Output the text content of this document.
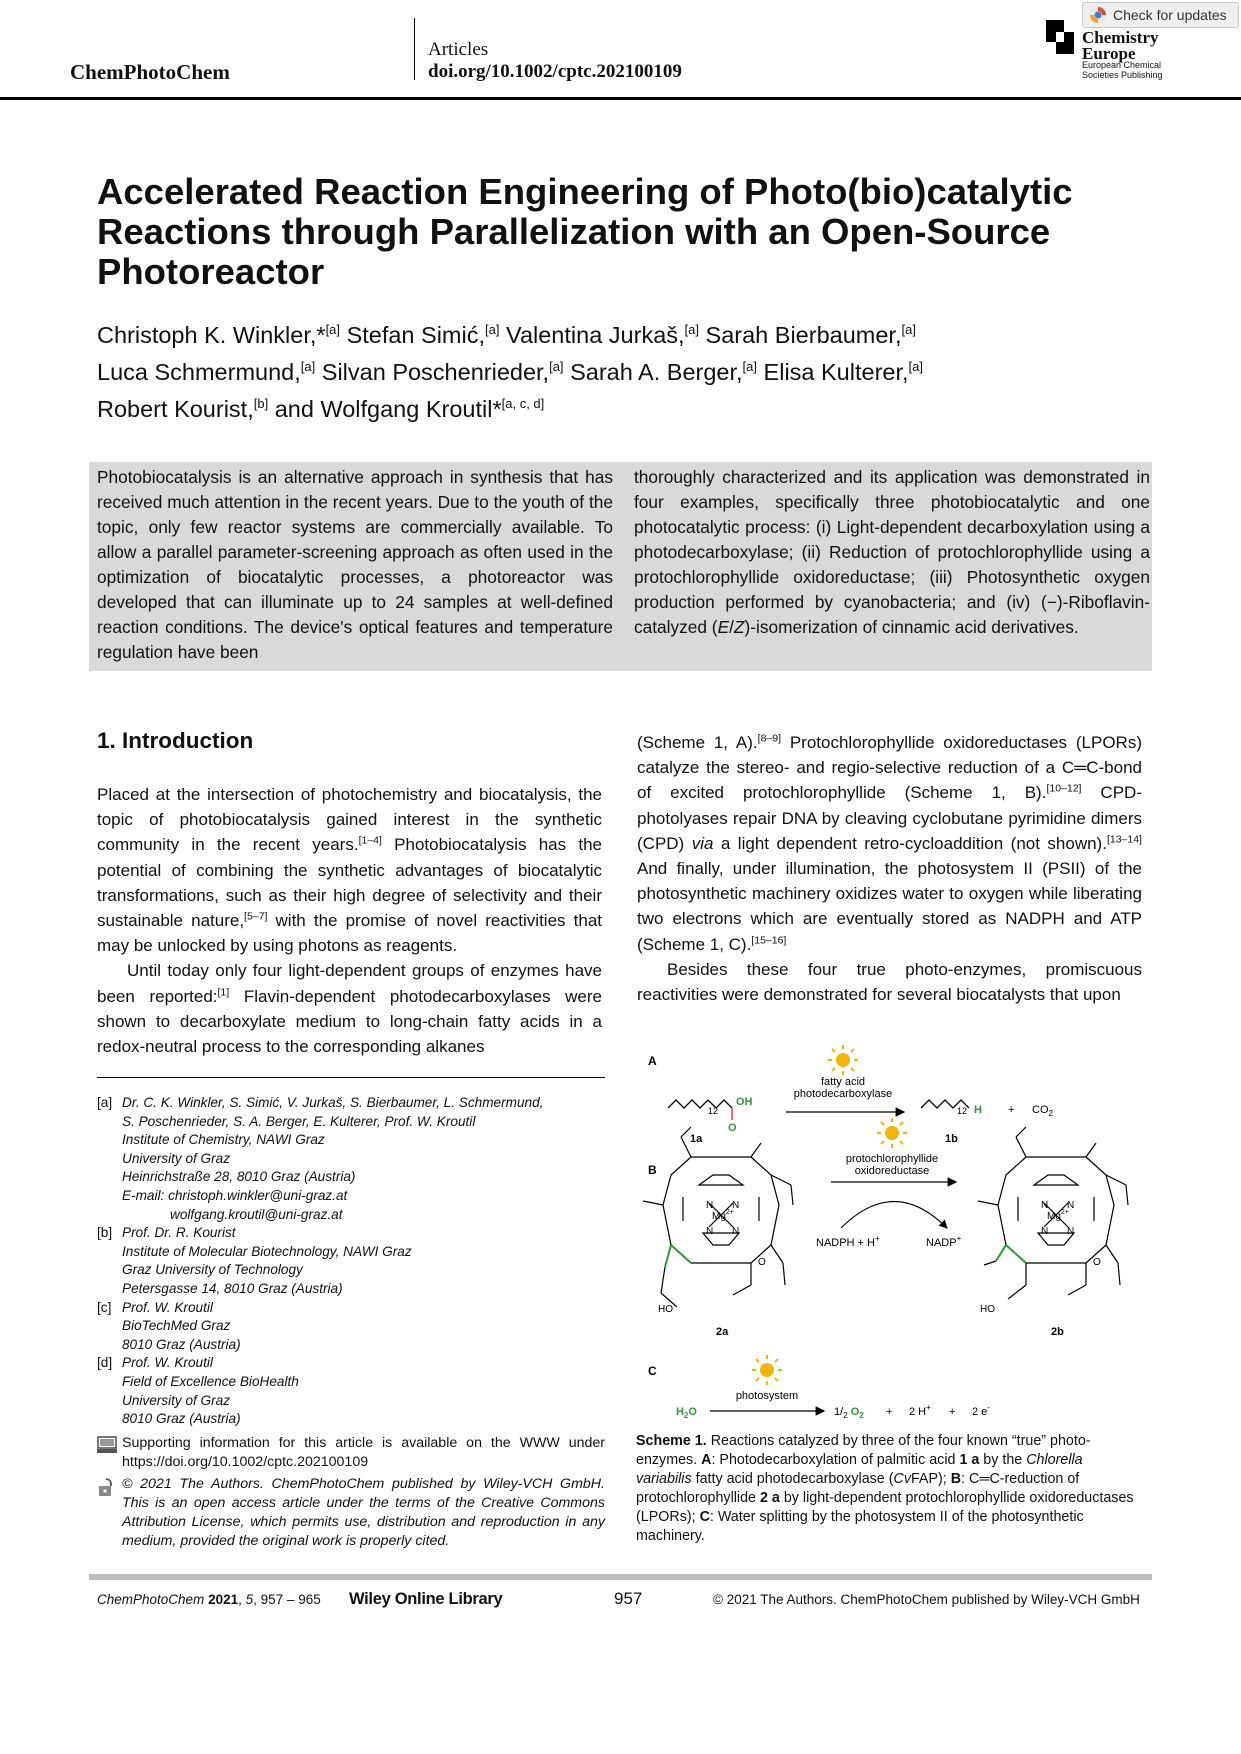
ChemPhotoChem
Articles
doi.org/10.1002/cptc.202100109
Chemistry
Europe
European Chemical
Societies Publishing
Check for updates
Accelerated Reaction Engineering of Photo(bio)catalytic Reactions through Parallelization with an Open-Source Photoreactor
Christoph K. Winkler,*[a] Stefan Simić,[a] Valentina Jurkaš,[a] Sarah Bierbaumer,[a]
Luca Schmermund,[a] Silvan Poschenrieder,[a] Sarah A. Berger,[a] Elisa Kulterer,[a]
Robert Kourist,[b] and Wolfgang Kroutil*[a, c, d]
Photobiocatalysis is an alternative approach in synthesis that has received much attention in the recent years. Due to the youth of the topic, only few reactor systems are commercially available. To allow a parallel parameter-screening approach as often used in the optimization of biocatalytic processes, a photoreactor was developed that can illuminate up to 24 samples at well-defined reaction conditions. The device's optical features and temperature regulation have been
thoroughly characterized and its application was demonstrated in four examples, specifically three photobiocatalytic and one photocatalytic process: (i) Light-dependent decarboxylation using a photodecarboxylase; (ii) Reduction of protochlorophyllide using a protochlorophyllide oxidoreductase; (iii) Photosynthetic oxygen production performed by cyanobacteria; and (iv) (−)-Riboflavin-catalyzed (E/Z)-isomerization of cinnamic acid derivatives.
1. Introduction

Placed at the intersection of photochemistry and biocatalysis, the topic of photobiocatalysis gained interest in the synthetic community in the recent years.[1–4] Photobiocatalysis has the potential of combining the synthetic advantages of biocatalytic transformations, such as their high degree of selectivity and their sustainable nature,[5–7] with the promise of novel reactivities that may be unlocked by using photons as reagents.

Until today only four light-dependent groups of enzymes have been reported:[1] Flavin-dependent photodecarboxylases were shown to decarboxylate medium to long-chain fatty acids in a redox-neutral process to the corresponding alkanes

(Scheme 1, A).[8–9] Protochlorophyllide oxidoreductases (LPORs) catalyze the stereo- and regio-selective reduction of a C═C-bond of excited protochlorophyllide (Scheme 1, B).[10–12] CPD-photolyases repair DNA by cleaving cyclobutane pyrimidine dimers (CPD) via a light dependent retro-cycloaddition (not shown).[13–14] And finally, under illumination, the photosystem II (PSII) of the photosynthetic machinery oxidizes water to oxygen while liberating two electrons which are eventually stored as NADPH and ATP (Scheme 1, C).[15–16]

Besides these four true photo-enzymes, promiscuous reactivities were demonstrated for several biocatalysts that upon

[a] Dr. C. K. Winkler, S. Simić, V. Jurkaš, S. Bierbaumer, L. Schmermund,
S. Poschenrieder, S. A. Berger, E. Kulterer, Prof. W. Kroutil
Institute of Chemistry, NAWI Graz
University of Graz
Heinrichstraße 28, 8010 Graz (Austria)
E-mail: christoph.winkler@uni-graz.at
wolfgang.kroutil@uni-graz.at
[b] Prof. Dr. R. Kourist
Institute of Molecular Biotechnology, NAWI Graz
Graz University of Technology
Petersgasse 14, 8010 Graz (Austria)
[c] Prof. W. Kroutil
BioTechMed Graz
8010 Graz (Austria)
[d] Prof. W. Kroutil
Field of Excellence BioHealth
University of Graz
8010 Graz (Austria)
Supporting information for this article is available on the WWW under https://doi.org/10.1002/cptc.202100109
© 2021 The Authors. ChemPhotoChem published by Wiley-VCH GmbH. This is an open access article under the terms of the Creative Commons Attribution License, which permits use, distribution and reproduction in any medium, provided the original work is properly cited.
A
B
C
fatty acid
photodecarboxylase
12
OH
O
1a
12 $H + CO_2$
1b
$Mg^{2+}$
N N
N N
O
HO
2a
protochlorophyllide
oxidoreductase
NADPH + H+	NADP+
$Mg^{2+}$
N N
N N
O
HO
2b
photosystem
$H_2O$	$1/_2$ $O_2 + 2$ H+ + 2 e-
Scheme 1. Reactions catalyzed by three of the four known “true” photo-enzymes. A: Photodecarboxylation of palmitic acid 1 a by the Chlorella variabilis fatty acid photodecarboxylase (CvFAP); B: C═C-reduction of protochlorophyllide 2 a by light-dependent protochlorophyllide oxidoreductases (LPORs); C: Water splitting by the photosystem II of the photosynthetic machinery.
ChemPhotoChem 2021, 5, 957 – 965 Wiley Online Library	957	© 2021 The Authors. ChemPhotoChem published by Wiley-VCH GmbH
